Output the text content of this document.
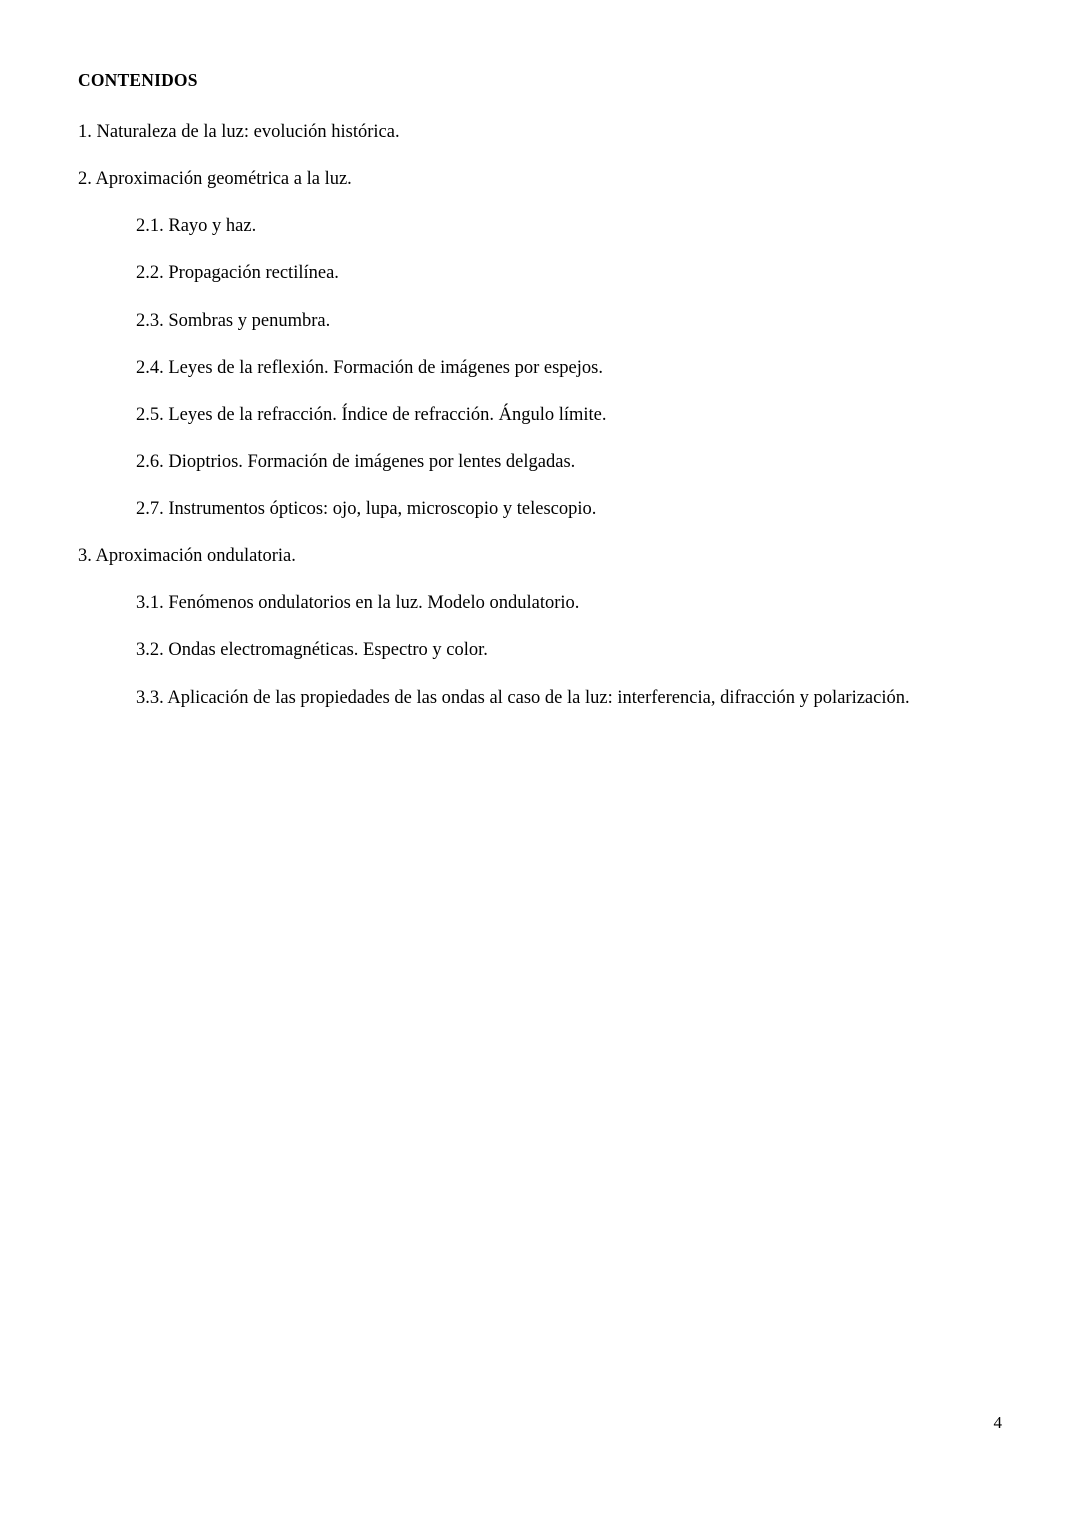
CONTENIDOS

1. Naturaleza de la luz: evolución histórica.

2. Aproximación geométrica a la luz.

2.1. Rayo y haz.

2.2. Propagación rectilínea.

2.3. Sombras y penumbra.

2.4. Leyes de la reflexión. Formación de imágenes por espejos.

2.5. Leyes de la refracción. Índice de refracción. Ángulo límite.

2.6. Dioptrios. Formación de imágenes por lentes delgadas.

2.7. Instrumentos ópticos: ojo, lupa, microscopio y telescopio.

3. Aproximación ondulatoria.

3.1. Fenómenos ondulatorios en la luz. Modelo ondulatorio.

3.2. Ondas electromagnéticas. Espectro y color.

3.3. Aplicación de las propiedades de las ondas al caso de la luz: interferencia, difracción y polarización.

4
